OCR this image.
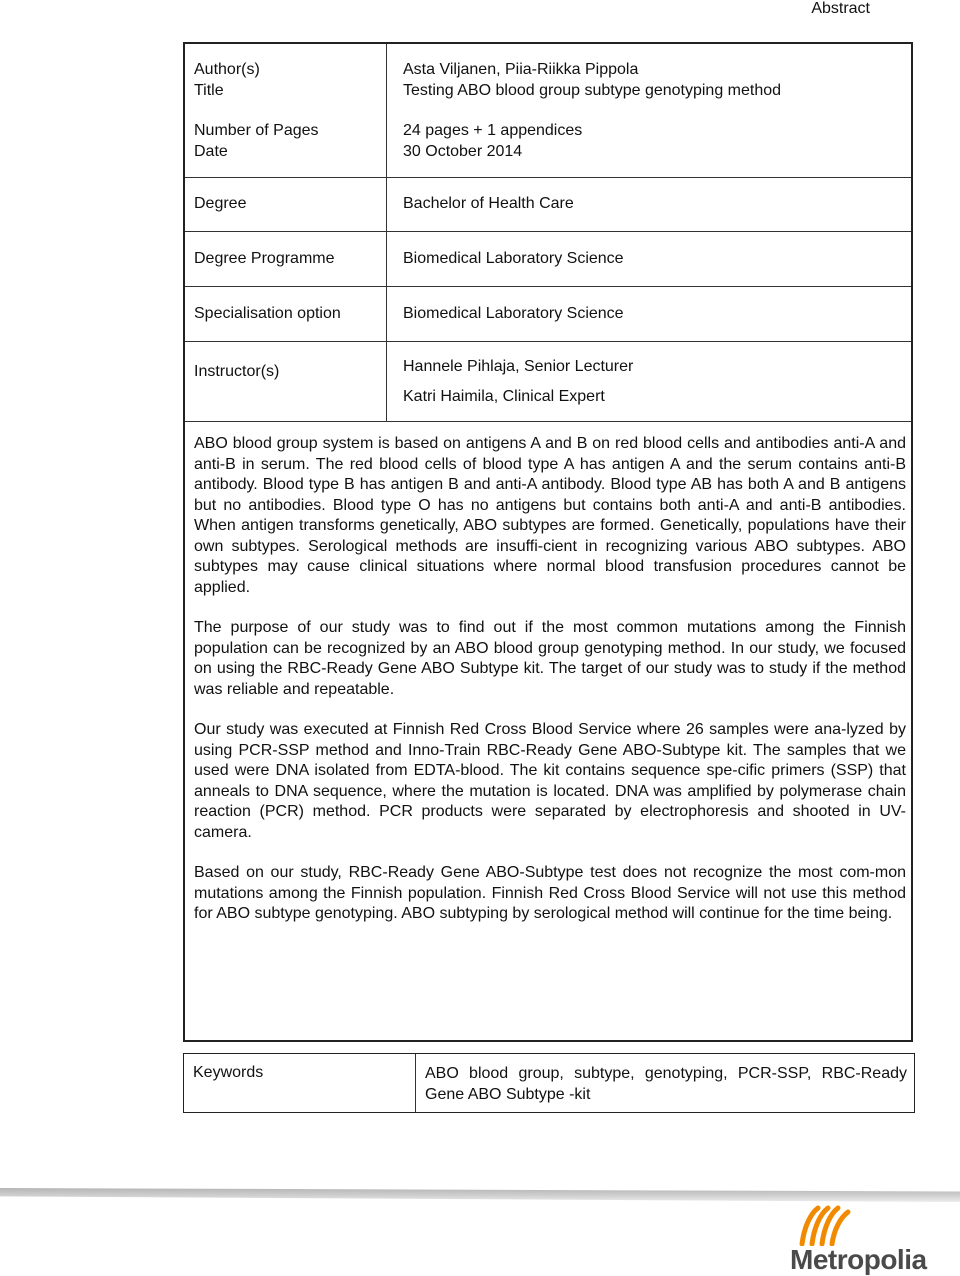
Abstract
Author(s)	Asta Viljanen, Piia-Riikka Pippola
Title	Testing ABO blood group subtype genotyping method
Number of Pages	24 pages + 1 appendices
Date	30 October 2014
Degree	Bachelor of Health Care
Degree Programme	Biomedical Laboratory Science
Specialisation option	Biomedical Laboratory Science
Instructor(s)	Hannele Pihlaja, Senior Lecturer
Katri Haimila, Clinical Expert

ABO blood group system is based on antigens A and B on red blood cells and antibodies anti-A and anti-B in serum. The red blood cells of blood type A has antigen A and the serum contains anti-B antibody. Blood type B has antigen B and anti-A antibody. Blood type AB has both A and B antigens but no antibodies. Blood type O has no antigens but contains both anti-A and anti-B antibodies. When antigen transforms genetically, ABO subtypes are formed. Genetically, populations have their own subtypes. Serological methods are insuffi-cient in recognizing various ABO subtypes. ABO subtypes may cause clinical situations where normal blood transfusion procedures cannot be applied.

The purpose of our study was to find out if the most common mutations among the Finnish population can be recognized by an ABO blood group genotyping method. In our study, we focused on using the RBC-Ready Gene ABO Subtype kit. The target of our study was to study if the method was reliable and repeatable.

Our study was executed at Finnish Red Cross Blood Service where 26 samples were ana-lyzed by using PCR-SSP method and Inno-Train RBC-Ready Gene ABO-Subtype kit. The samples that we used were DNA isolated from EDTA-blood. The kit contains sequence spe-cific primers (SSP) that anneals to DNA sequence, where the mutation is located. DNA was amplified by polymerase chain reaction (PCR) method. PCR products were separated by electrophoresis and shooted in UV-camera.

Based on our study, RBC-Ready Gene ABO-Subtype test does not recognize the most com-mon mutations among the Finnish population. Finnish Red Cross Blood Service will not use this method for ABO subtype genotyping. ABO subtyping by serological method will continue for the time being.

Keywords	ABO blood group, subtype, genotyping, PCR-SSP, RBC-Ready Gene ABO Subtype -kit
Metropolia
